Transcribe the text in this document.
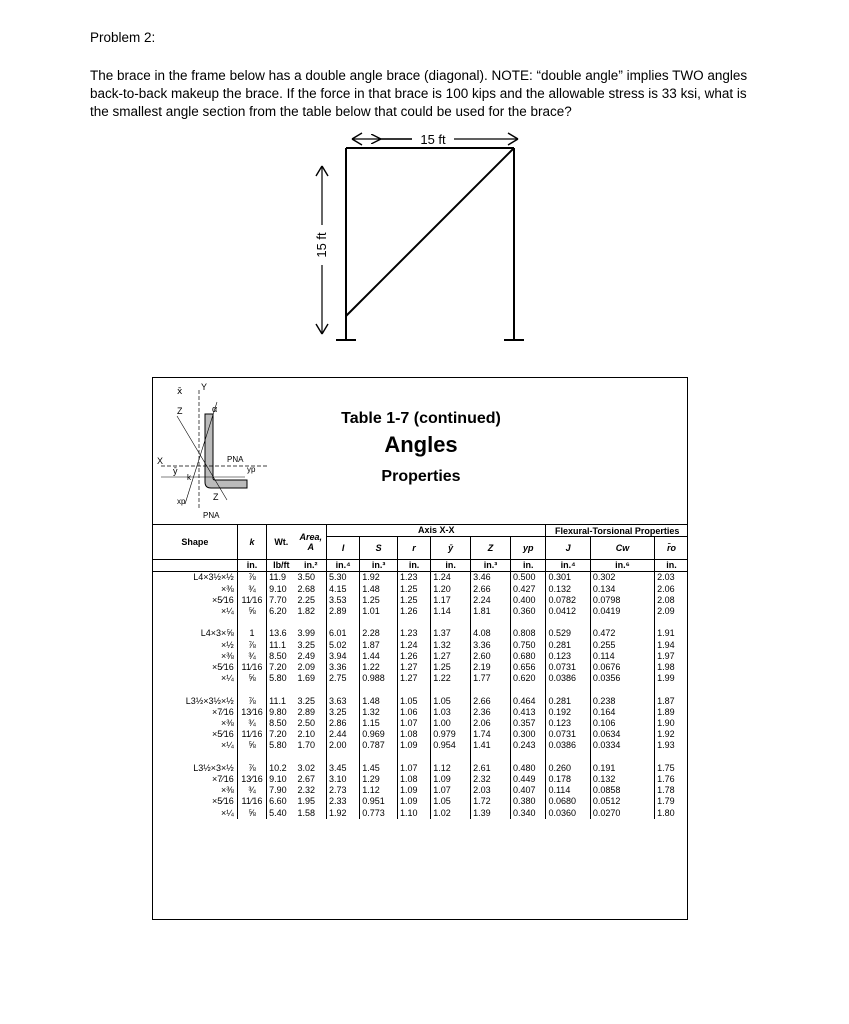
Problem 2:
The brace in the frame below has a double angle brace (diagonal). NOTE: “double angle” implies TWO angles back-to-back makeup the brace. If the force in that brace is 100 kips and the allowable stress is 33 ksi, what is the smallest angle section from the table below that could be used for the brace?
15 ft
15 ft
x̄ Y
Z	α
X
ȳ
k
yp
PNA
Z
xp
PNA
Table 1-7 (continued)
Angles
Properties
Shape	k	Wt.	Area, A	Axis X-X						Flexural-Torsional Properties		
				I	S	r	ȳ	Z	yp	J	Cw	r̄o
	in.	lb/ft	in.²	in.⁴	in.³	in.	in.	in.³	in.	in.⁴	in.⁶	in.
L4×3½×½	⅞	11.9	3.50	5.30	1.92	1.23	1.24	3.46	0.500	0.301	0.302	2.03
×⅜	¾	9.10	2.68	4.15	1.48	1.25	1.20	2.66	0.427	0.132	0.134	2.06
×5⁄16	11⁄16	7.70	2.25	3.53	1.25	1.25	1.17	2.24	0.400	0.0782	0.0798	2.08
×¼	⅝	6.20	1.82	2.89	1.01	1.26	1.14	1.81	0.360	0.0412	0.0419	2.09

L4×3×⅝	1	13.6	3.99	6.01	2.28	1.23	1.37	4.08	0.808	0.529	0.472	1.91
×½	⅞	11.1	3.25	5.02	1.87	1.24	1.32	3.36	0.750	0.281	0.255	1.94
×⅜	¾	8.50	2.49	3.94	1.44	1.26	1.27	2.60	0.680	0.123	0.114	1.97
×5⁄16	11⁄16	7.20	2.09	3.36	1.22	1.27	1.25	2.19	0.656	0.0731	0.0676	1.98
×¼	⅝	5.80	1.69	2.75	0.988	1.27	1.22	1.77	0.620	0.0386	0.0356	1.99

L3½×3½×½	⅞	11.1	3.25	3.63	1.48	1.05	1.05	2.66	0.464	0.281	0.238	1.87
×7⁄16	13⁄16	9.80	2.89	3.25	1.32	1.06	1.03	2.36	0.413	0.192	0.164	1.89
×⅜	¾	8.50	2.50	2.86	1.15	1.07	1.00	2.06	0.357	0.123	0.106	1.90
×5⁄16	11⁄16	7.20	2.10	2.44	0.969	1.08	0.979	1.74	0.300	0.0731	0.0634	1.92
×¼	⅝	5.80	1.70	2.00	0.787	1.09	0.954	1.41	0.243	0.0386	0.0334	1.93

L3½×3×½	⅞	10.2	3.02	3.45	1.45	1.07	1.12	2.61	0.480	0.260	0.191	1.75
×7⁄16	13⁄16	9.10	2.67	3.10	1.29	1.08	1.09	2.32	0.449	0.178	0.132	1.76
×⅜	¾	7.90	2.32	2.73	1.12	1.09	1.07	2.03	0.407	0.114	0.0858	1.78
×5⁄16	11⁄16	6.60	1.95	2.33	0.951	1.09	1.05	1.72	0.380	0.0680	0.0512	1.79
×¼	⅝	5.40	1.58	1.92	0.773	1.10	1.02	1.39	0.340	0.0360	0.0270	1.80
